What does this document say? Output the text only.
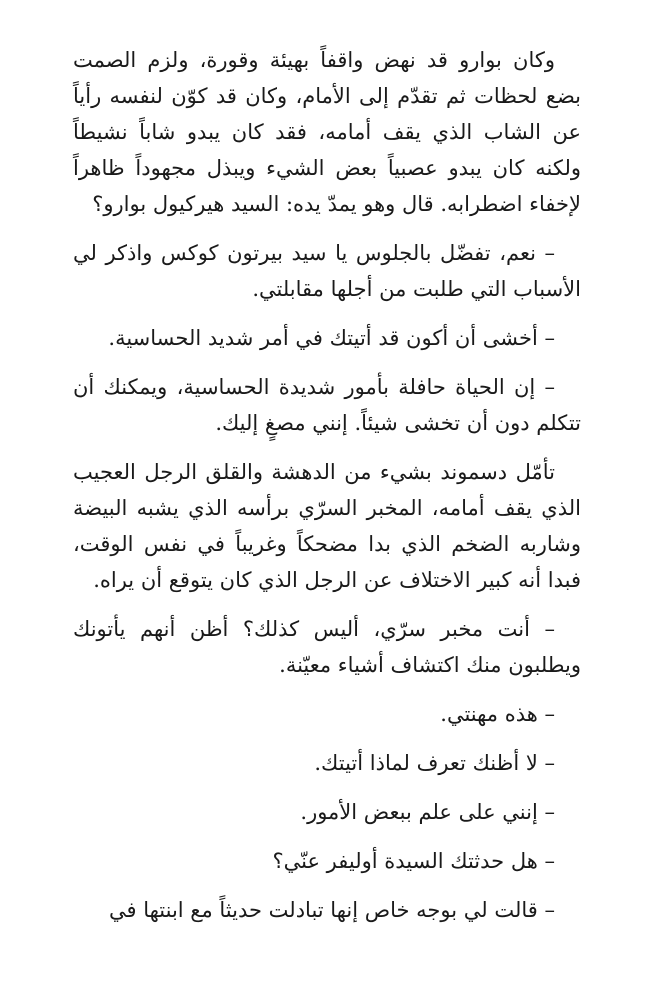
وكان بوارو قد نهض واقفاً بهيئة وقورة، ولزم الصمت بضع لحظات ثم تقدّم إلى الأمام، وكان قد كوّن لنفسه رأياً عن الشاب الذي يقف أمامه، فقد كان يبدو شاباً نشيطاً ولكنه كان يبدو عصبياً بعض الشيء ويبذل مجهوداً ظاهراً لإخفاء اضطرابه. قال وهو يمدّ يده: السيد هيركيول بوارو؟

– نعم، تفضّل بالجلوس يا سيد بيرتون كوكس واذكر لي الأسباب التي طلبت من أجلها مقابلتي.

– أخشى أن أكون قد أتيتك في أمر شديد الحساسية.

– إن الحياة حافلة بأمور شديدة الحساسية، ويمكنك أن تتكلم دون أن تخشى شيئاً. إنني مصغٍ إليك.

تأمّل دسموند بشيء من الدهشة والقلق الرجل العجيب الذي يقف أمامه، المخبر السرّي برأسه الذي يشبه البيضة وشاربه الضخم الذي بدا مضحكاً وغريباً في نفس الوقت، فبدا أنه كبير الاختلاف عن الرجل الذي كان يتوقع أن يراه.

– أنت مخبر سرّي، أليس كذلك؟ أظن أنهم يأتونك ويطلبون منك اكتشاف أشياء معيّنة.

– هذه مهنتي.

– لا أظنك تعرف لماذا أتيتك.

– إنني على علم ببعض الأمور.

– هل حدثتك السيدة أوليفر عنّي؟

– قالت لي بوجه خاص إنها تبادلت حديثاً مع ابنتها في
